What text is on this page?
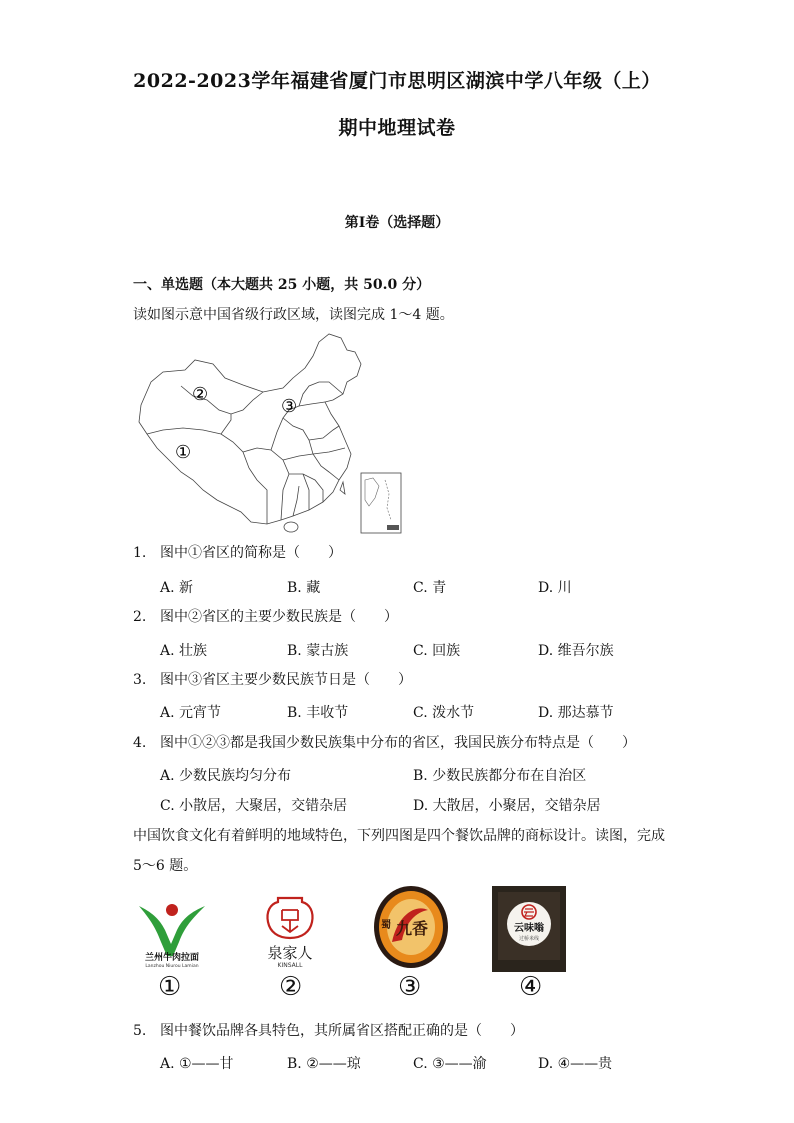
2022-2023学年福建省厦门市思明区湖滨中学八年级（上）
期中地理试卷
第I卷（选择题）
一、单选题（本大题共 25 小题，共 50.0 分）
读如图示意中国省级行政区域，读图完成 1～4 题。
②
③
①
1. 图中①省区的简称是（　　）
A. 新	B. 藏	C. 青	D. 川
2. 图中②省区的主要少数民族是（　　）
A. 壮族	B. 蒙古族	C. 回族	D. 维吾尔族
3. 图中③省区主要少数民族节日是（　　）
A. 元宵节	B. 丰收节	C. 泼水节	D. 那达慕节
4. 图中①②③都是我国少数民族集中分布的省区，我国民族分布特点是（　　）
A. 少数民族均匀分布	B. 少数民族都分布在自治区
C. 小散居，大聚居，交错杂居	D. 大散居，小聚居，交错杂居
中国饮食文化有着鲜明的地域特色，下列四图是四个餐饮品牌的商标设计。读图，完成
5～6 题。
兰州牛肉拉面
Lanzhou Niurou Lamian
①
泉家人
KINSALL
②
九香
蜀
③
云味嗡
过桥米线
④
5. 图中餐饮品牌各具特色，其所属省区搭配正确的是（　　）
A. ①——甘	B. ②——琼	C. ③——渝	D. ④——贵
